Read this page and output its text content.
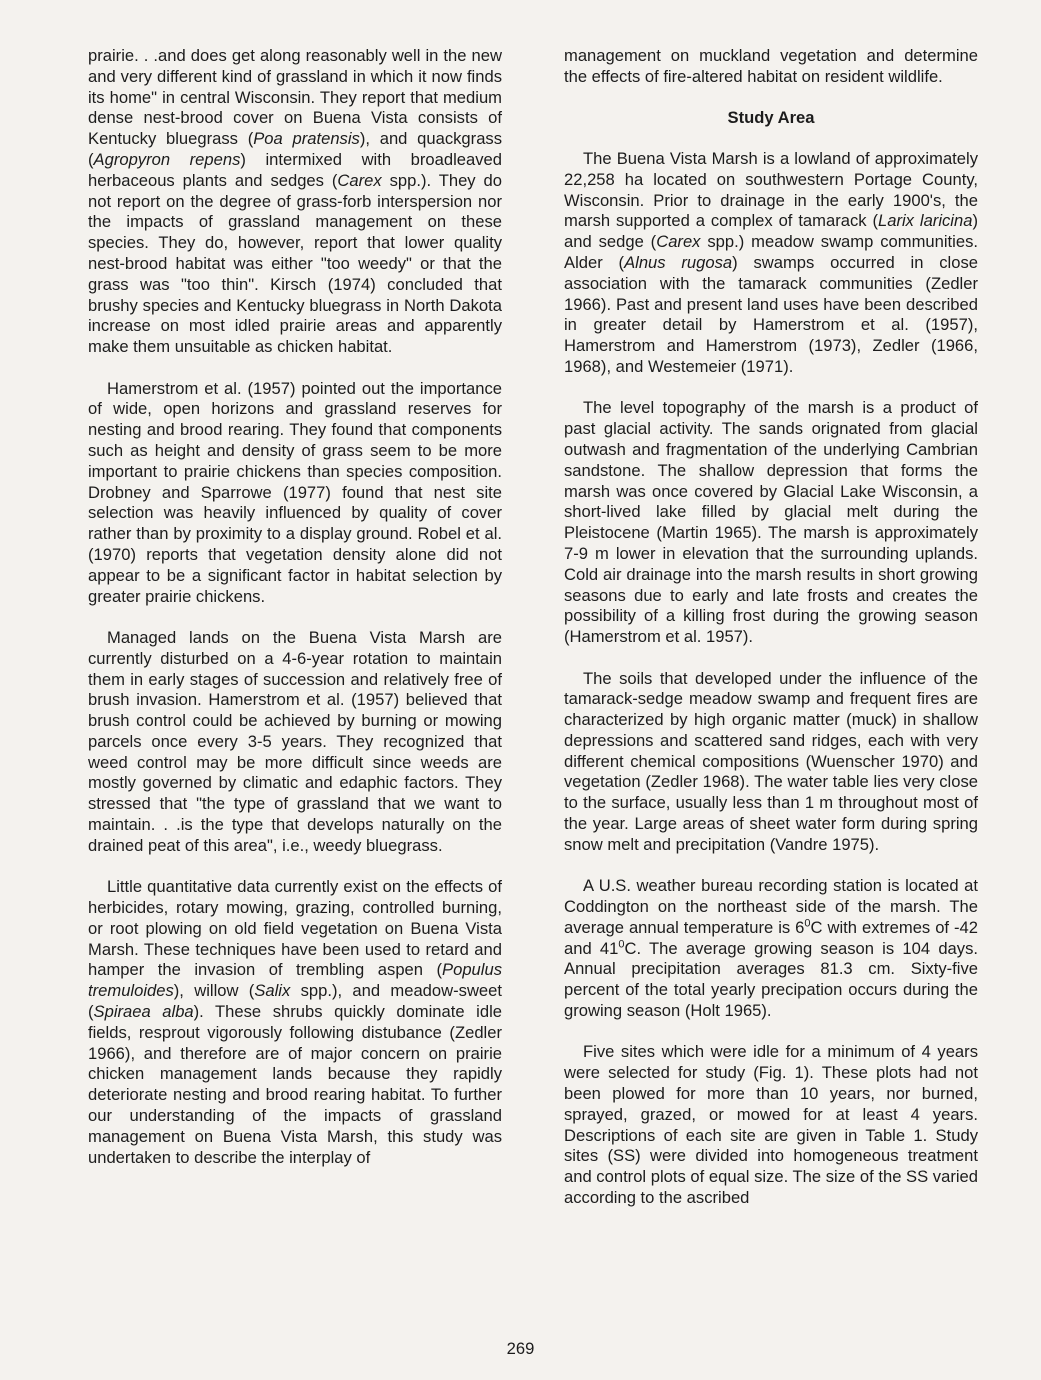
prairie. . .and does get along reasonably well in the new and very different kind of grassland in which it now finds its home" in central Wisconsin. They report that medium dense nest-brood cover on Buena Vista consists of Kentucky bluegrass (Poa pratensis), and quackgrass (Agropyron repens) intermixed with broadleaved herbaceous plants and sedges (Carex spp.). They do not report on the degree of grass-forb interspersion nor the impacts of grassland management on these species. They do, however, report that lower quality nest-brood habitat was either "too weedy" or that the grass was "too thin". Kirsch (1974) concluded that brushy species and Kentucky bluegrass in North Dakota increase on most idled prairie areas and apparently make them unsuitable as chicken habitat.

Hamerstrom et al. (1957) pointed out the importance of wide, open horizons and grassland reserves for nesting and brood rearing. They found that components such as height and density of grass seem to be more important to prairie chickens than species composition. Drobney and Sparrowe (1977) found that nest site selection was heavily influenced by quality of cover rather than by proximity to a display ground. Robel et al. (1970) reports that vegetation density alone did not appear to be a significant factor in habitat selection by greater prairie chickens.

Managed lands on the Buena Vista Marsh are currently disturbed on a 4-6-year rotation to maintain them in early stages of succession and relatively free of brush invasion. Hamerstrom et al. (1957) believed that brush control could be achieved by burning or mowing parcels once every 3-5 years. They recognized that weed control may be more difficult since weeds are mostly governed by climatic and edaphic factors. They stressed that "the type of grassland that we want to maintain. . .is the type that develops naturally on the drained peat of this area", i.e., weedy bluegrass.

Little quantitative data currently exist on the effects of herbicides, rotary mowing, grazing, controlled burning, or root plowing on old field vegetation on Buena Vista Marsh. These techniques have been used to retard and hamper the invasion of trembling aspen (Populus tremuloides), willow (Salix spp.), and meadow-sweet (Spiraea alba). These shrubs quickly dominate idle fields, resprout vigorously following distubance (Zedler 1966), and therefore are of major concern on prairie chicken management lands because they rapidly deteriorate nesting and brood rearing habitat. To further our understanding of the impacts of grassland management on Buena Vista Marsh, this study was undertaken to describe the interplay of

management on muckland vegetation and determine the effects of fire-altered habitat on resident wildlife.

Study Area

The Buena Vista Marsh is a lowland of approximately 22,258 ha located on southwestern Portage County, Wisconsin. Prior to drainage in the early 1900's, the marsh supported a complex of tamarack (Larix laricina) and sedge (Carex spp.) meadow swamp communities. Alder (Alnus rugosa) swamps occurred in close association with the tamarack communities (Zedler 1966). Past and present land uses have been described in greater detail by Hamerstrom et al. (1957), Hamerstrom and Hamerstrom (1973), Zedler (1966, 1968), and Westemeier (1971).

The level topography of the marsh is a product of past glacial activity. The sands orignated from glacial outwash and fragmentation of the underlying Cambrian sandstone. The shallow depression that forms the marsh was once covered by Glacial Lake Wisconsin, a short-lived lake filled by glacial melt during the Pleistocene (Martin 1965). The marsh is approximately 7-9 m lower in elevation that the surrounding uplands. Cold air drainage into the marsh results in short growing seasons due to early and late frosts and creates the possibility of a killing frost during the growing season (Hamerstrom et al. 1957).

The soils that developed under the influence of the tamarack-sedge meadow swamp and frequent fires are characterized by high organic matter (muck) in shallow depressions and scattered sand ridges, each with very different chemical compositions (Wuenscher 1970) and vegetation (Zedler 1968). The water table lies very close to the surface, usually less than 1 m throughout most of the year. Large areas of sheet water form during spring snow melt and precipitation (Vandre 1975).

A U.S. weather bureau recording station is located at Coddington on the northeast side of the marsh. The average annual temperature is $6^0C$ with extremes of -42 and $41^0C$. The average growing season is 104 days. Annual precipitation averages 81.3 cm. Sixty-five percent of the total yearly precipation occurs during the growing season (Holt 1965).

Five sites which were idle for a minimum of 4 years were selected for study (Fig. 1). These plots had not been plowed for more than 10 years, nor burned, sprayed, grazed, or mowed for at least 4 years. Descriptions of each site are given in Table 1. Study sites (SS) were divided into homogeneous treatment and control plots of equal size. The size of the SS varied according to the ascribed

269
